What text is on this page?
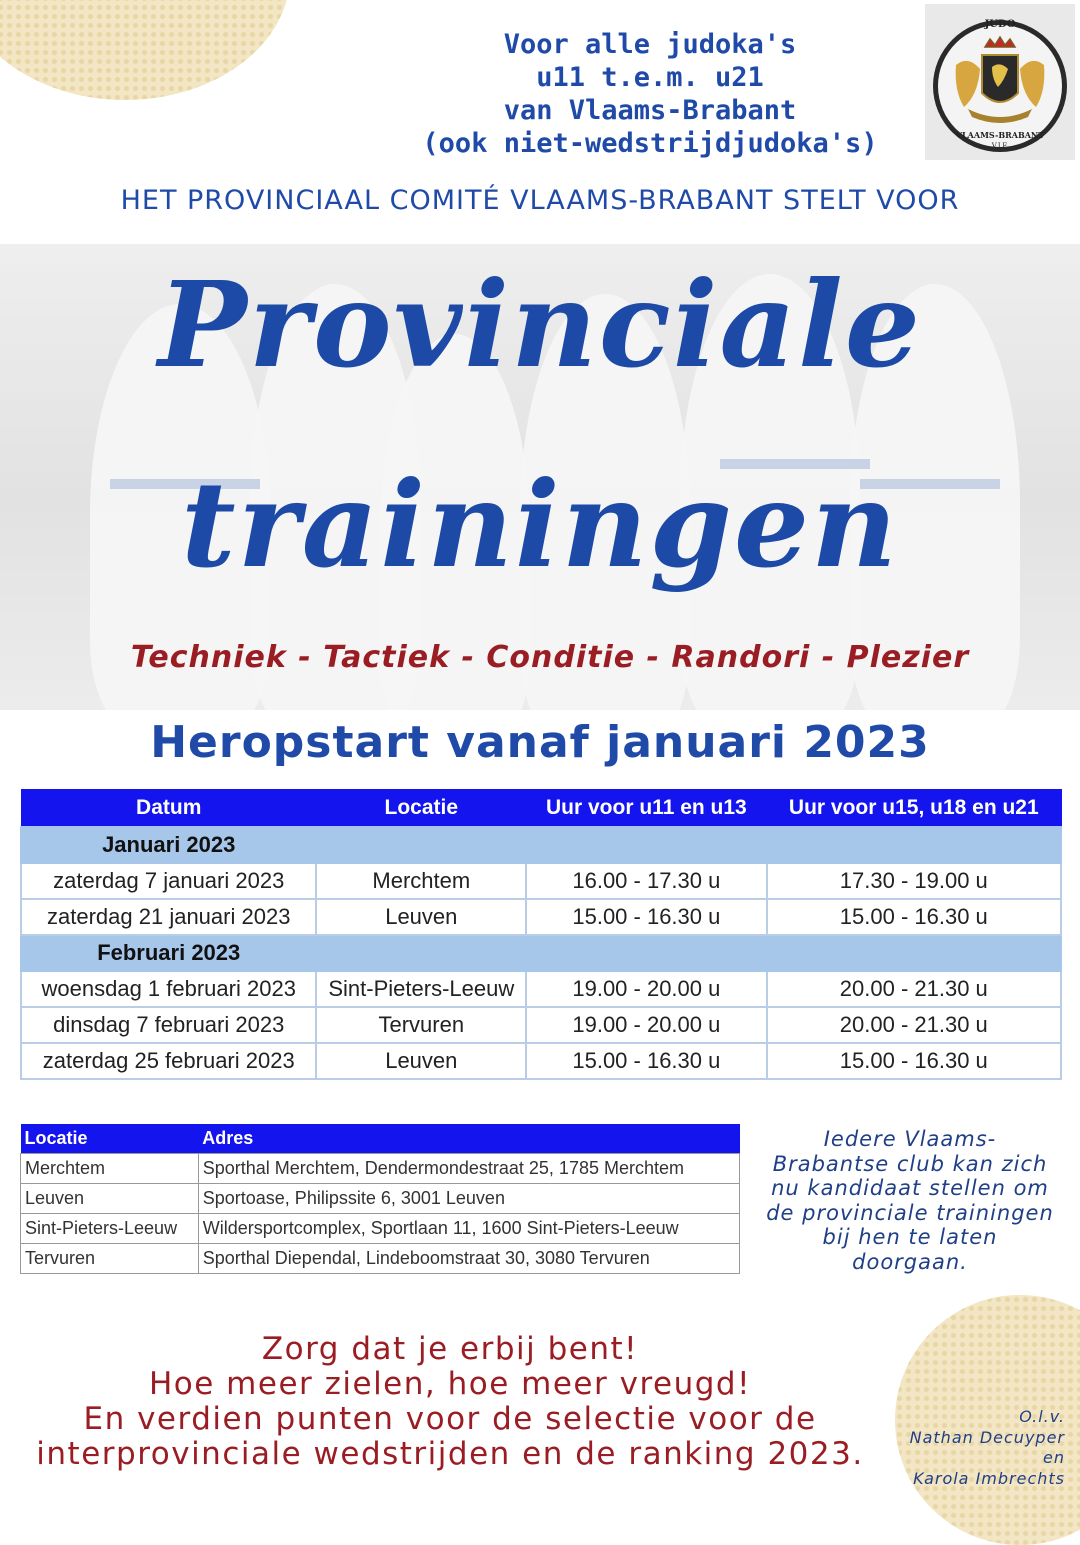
Voor alle judoka's
u11 t.e.m. u21
van Vlaams-Brabant
(ook niet-wedstrijdjudoka's)
JUDO
VLAAMS-BRABANT
V.J.F.
HET PROVINCIAAL COMITÉ VLAAMS-BRABANT STELT VOOR
Provinciale
trainingen
Techniek - Tactiek - Conditie - Randori - Plezier
Heropstart vanaf januari 2023
Datum	Locatie	Uur voor u11 en u13	Uur voor u15, u18 en u21
Januari 2023			
zaterdag 7 januari 2023	Merchtem	16.00 - 17.30 u	17.30 - 19.00 u
zaterdag 21 januari 2023	Leuven	15.00 - 16.30 u	15.00 - 16.30 u
Februari 2023			
woensdag 1 februari 2023	Sint-Pieters-Leeuw	19.00 - 20.00 u	20.00 - 21.30 u
dinsdag 7 februari 2023	Tervuren	19.00 - 20.00 u	20.00 - 21.30 u
zaterdag 25 februari 2023	Leuven	15.00 - 16.30 u	15.00 - 16.30 u
Locatie	Adres
Merchtem	Sporthal Merchtem, Dendermondestraat 25, 1785 Merchtem
Leuven	Sportoase, Philipssite 6, 3001 Leuven
Sint-Pieters-Leeuw	Wildersportcomplex, Sportlaan 11, 1600 Sint-Pieters-Leeuw
Tervuren	Sporthal Diependal, Lindeboomstraat 30, 3080 Tervuren
Iedere Vlaams-
Brabantse club kan zich
nu kandidaat stellen om
de provinciale trainingen
bij hen te laten
doorgaan.
Zorg dat je erbij bent!
Hoe meer zielen, hoe meer vreugd!
En verdien punten voor de selectie voor de
interprovinciale wedstrijden en de ranking 2023.
O.l.v.
Nathan Decuyper
en
Karola Imbrechts
